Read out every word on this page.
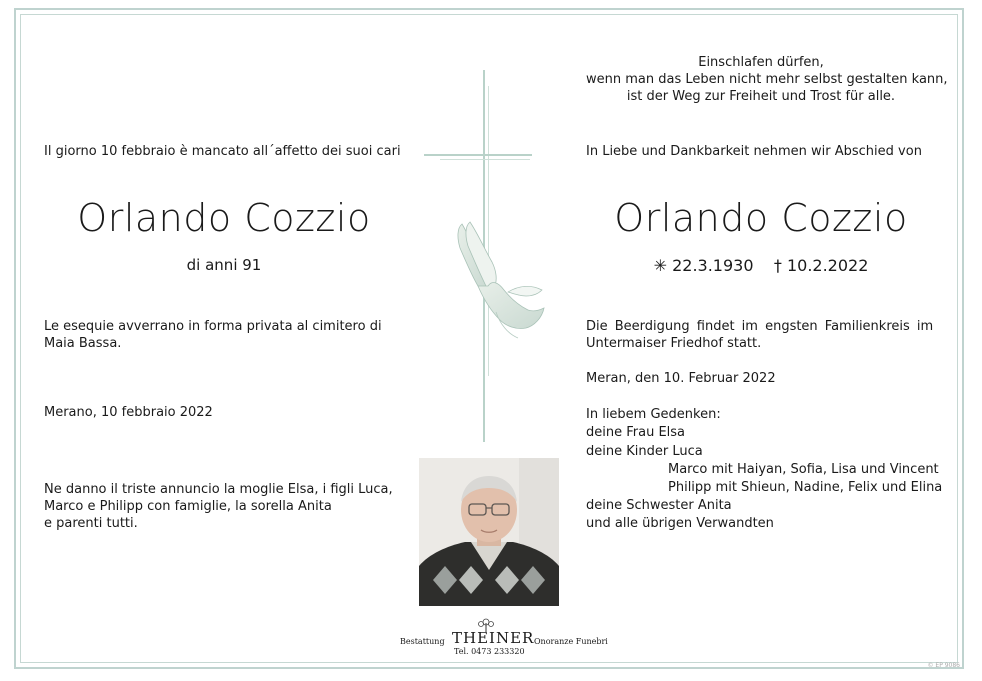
Il giorno 10 febbraio è mancato all´affetto dei suoi cari
Orlando Cozzio
di anni 91
Le esequie avverrano in forma privata al cimitero di
Maia Bassa.
Merano, 10 febbraio 2022
Ne danno il triste annuncio la moglie Elsa, i figli Luca,
Marco e Philipp con famiglie, la sorella Anita
e parenti tutti.
Einschlafen dürfen,
wenn man das Leben nicht mehr selbst gestalten kann,
ist der Weg zur Freiheit und Trost für alle.
In Liebe und Dankbarkeit nehmen wir Abschied von
Orlando Cozzio
✳ 22.3.1930 † 10.2.2022
Die Beerdigung findet im engsten Familienkreis im
Untermaiser Friedhof statt.
Meran, den 10. Februar 2022
In liebem Gedenken:
deine Frau Elsa
deine Kinder Luca
Marco mit Haiyan, Sofia, Lisa und Vincent
Philipp mit Shieun, Nadine, Felix und Elina
deine Schwester Anita
und alle übrigen Verwandten
Bestattung THEINER Onoranze Funebri
Tel. 0473 233320
© EP 9086
